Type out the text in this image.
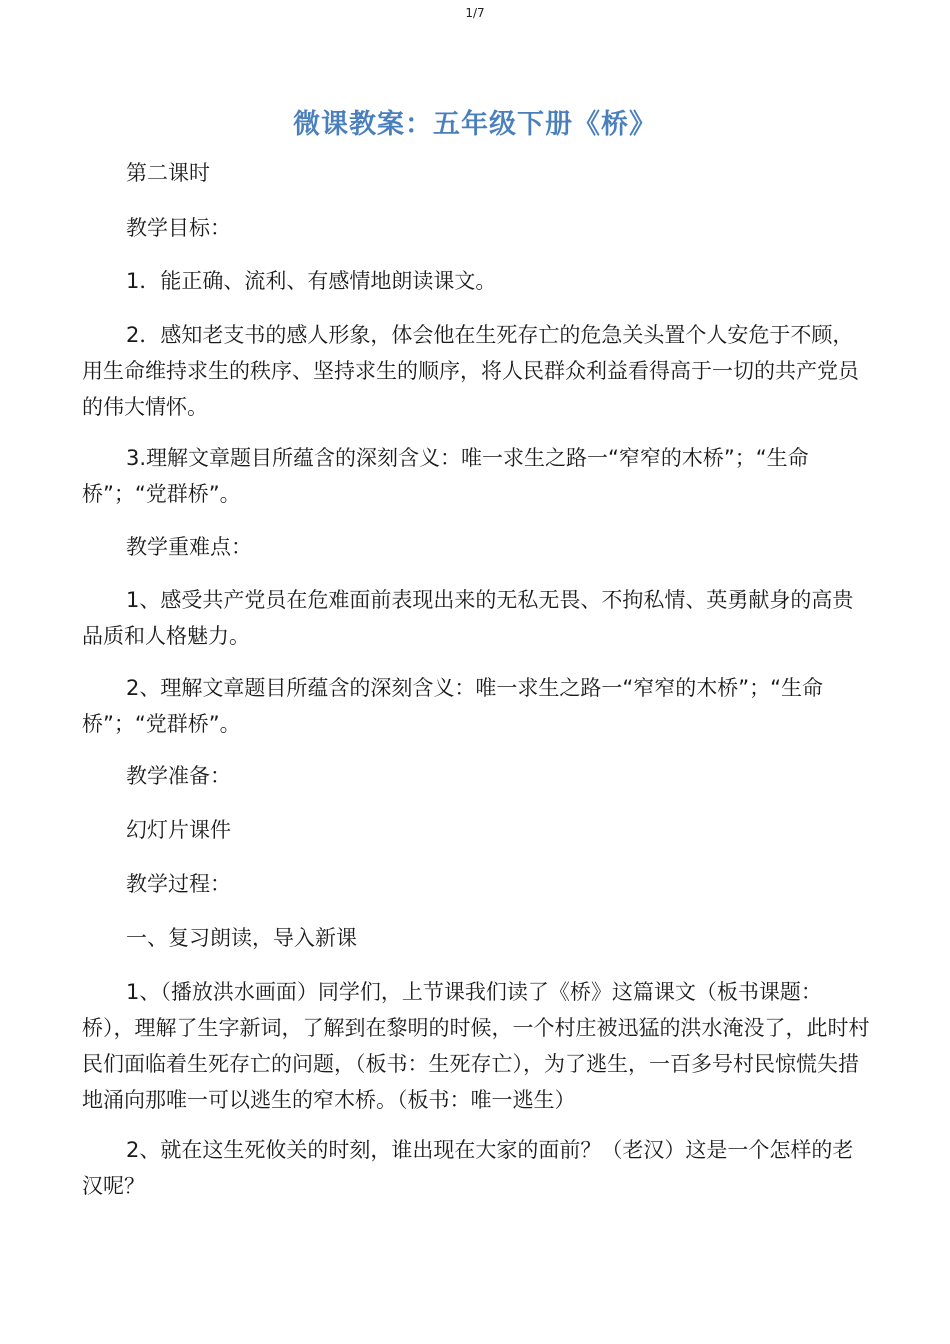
1/7
微课教案：五年级下册《桥》
第二课时
教学目标：
1．能正确、流利、有感情地朗读课文。
2．感知老支书的感人形象，体会他在生死存亡的危急关头置个人安危于不顾，用生命维持求生的秩序、坚持求生的顺序，将人民群众利益看得高于一切的共产党员的伟大情怀。
3.理解文章题目所蕴含的深刻含义：唯一求生之路一“窄窄的木桥”；“生命桥”；“党群桥”。
教学重难点：
1、感受共产党员在危难面前表现出来的无私无畏、不拘私情、英勇献身的高贵品质和人格魅力。
2、理解文章题目所蕴含的深刻含义：唯一求生之路一“窄窄的木桥”；“生命桥”；“党群桥”。
教学准备：
幻灯片课件
教学过程：
一、复习朗读，导入新课
1、（播放洪水画面）同学们，上节课我们读了《桥》这篇课文（板书课题：桥），理解了生字新词，了解到在黎明的时候，一个村庄被迅猛的洪水淹没了，此时村民们面临着生死存亡的问题，（板书：生死存亡），为了逃生，一百多号村民惊慌失措地涌向那唯一可以逃生的窄木桥。（板书：唯一逃生）
2、就在这生死攸关的时刻，谁出现在大家的面前？（老汉）这是一个怎样的老汉呢？
